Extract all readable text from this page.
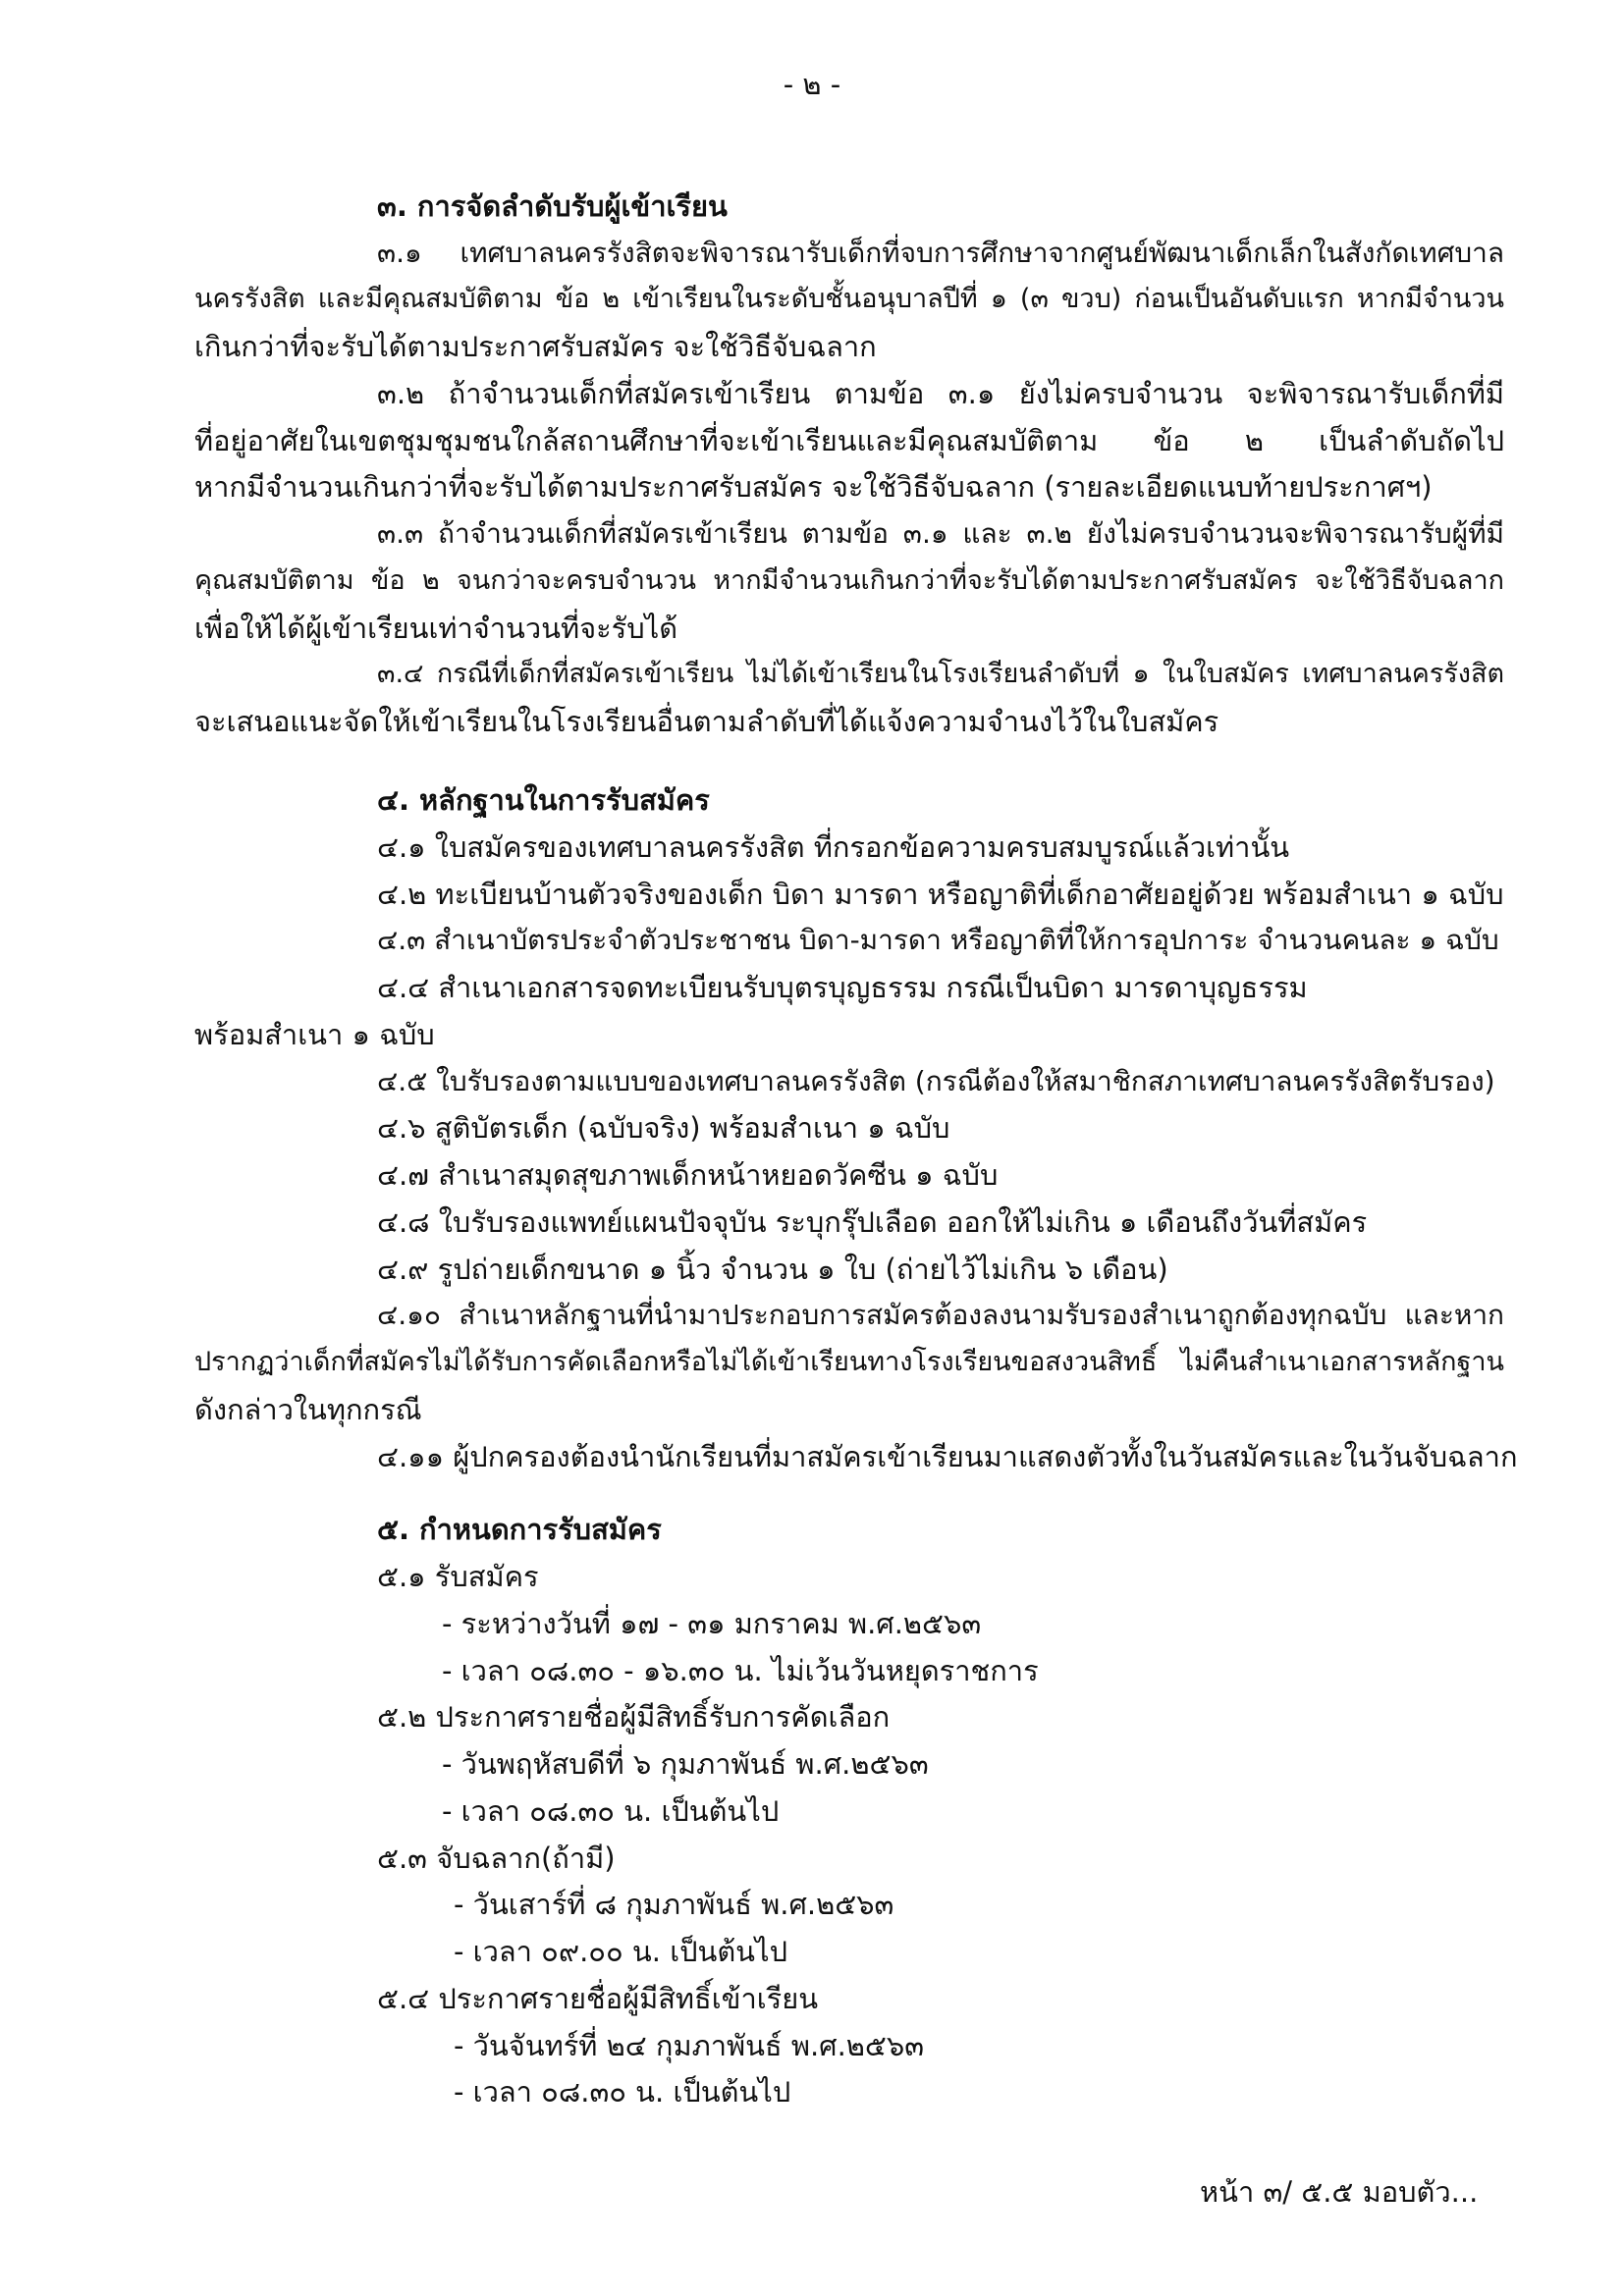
- ๒ -
๓. การจัดลำดับรับผู้เข้าเรียน
๓.๑ เทศบาลนครรังสิตจะพิจารณารับเด็กที่จบการศึกษาจากศูนย์พัฒนาเด็กเล็กในสังกัดเทศบาล
นครรังสิต และมีคุณสมบัติตาม ข้อ ๒ เข้าเรียนในระดับชั้นอนุบาลปีที่ ๑ (๓ ขวบ) ก่อนเป็นอันดับแรก หากมีจำนวน
เกินกว่าที่จะรับได้ตามประกาศรับสมัคร จะใช้วิธีจับฉลาก
๓.๒ ถ้าจำนวนเด็กที่สมัครเข้าเรียน ตามข้อ ๓.๑ ยังไม่ครบจำนวน จะพิจารณารับเด็กที่มี
ที่อยู่อาศัยในเขตชุมชุมชนใกล้สถานศึกษาที่จะเข้าเรียนและมีคุณสมบัติตาม ข้อ ๒ เป็นลำดับถัดไป
หากมีจำนวนเกินกว่าที่จะรับได้ตามประกาศรับสมัคร จะใช้วิธีจับฉลาก (รายละเอียดแนบท้ายประกาศฯ)
๓.๓ ถ้าจำนวนเด็กที่สมัครเข้าเรียน ตามข้อ ๓.๑ และ ๓.๒ ยังไม่ครบจำนวนจะพิจารณารับผู้ที่มี
คุณสมบัติตาม ข้อ ๒ จนกว่าจะครบจำนวน หากมีจำนวนเกินกว่าที่จะรับได้ตามประกาศรับสมัคร จะใช้วิธีจับฉลาก
เพื่อให้ได้ผู้เข้าเรียนเท่าจำนวนที่จะรับได้
๓.๔ กรณีที่เด็กที่สมัครเข้าเรียน ไม่ได้เข้าเรียนในโรงเรียนลำดับที่ ๑ ในใบสมัคร เทศบาลนครรังสิต
จะเสนอแนะจัดให้เข้าเรียนในโรงเรียนอื่นตามลำดับที่ได้แจ้งความจำนงไว้ในใบสมัคร
๔. หลักฐานในการรับสมัคร
๔.๑ ใบสมัครของเทศบาลนครรังสิต ที่กรอกข้อความครบสมบูรณ์แล้วเท่านั้น
๔.๒ ทะเบียนบ้านตัวจริงของเด็ก บิดา มารดา หรือญาติที่เด็กอาศัยอยู่ด้วย พร้อมสำเนา ๑ ฉบับ
๔.๓ สำเนาบัตรประจำตัวประชาชน บิดา-มารดา หรือญาติที่ให้การอุปการะ จำนวนคนละ ๑ ฉบับ
๔.๔ สำเนาเอกสารจดทะเบียนรับบุตรบุญธรรม กรณีเป็นบิดา มารดาบุญธรรม
พร้อมสำเนา ๑ ฉบับ
๔.๕ ใบรับรองตามแบบของเทศบาลนครรังสิต (กรณีต้องให้สมาชิกสภาเทศบาลนครรังสิตรับรอง)
๔.๖ สูติบัตรเด็ก (ฉบับจริง) พร้อมสำเนา ๑ ฉบับ
๔.๗ สำเนาสมุดสุขภาพเด็กหน้าหยอดวัคซีน ๑ ฉบับ
๔.๘ ใบรับรองแพทย์แผนปัจจุบัน ระบุกรุ๊ปเลือด ออกให้ไม่เกิน ๑ เดือนถึงวันที่สมัคร
๔.๙ รูปถ่ายเด็กขนาด ๑ นิ้ว จำนวน ๑ ใบ (ถ่ายไว้ไม่เกิน ๖ เดือน)
๔.๑๐ สำเนาหลักฐานที่นำมาประกอบการสมัครต้องลงนามรับรองสำเนาถูกต้องทุกฉบับ และหาก
ปรากฏว่าเด็กที่สมัครไม่ได้รับการคัดเลือกหรือไม่ได้เข้าเรียนทางโรงเรียนขอสงวนสิทธิ์ ไม่คืนสำเนาเอกสารหลักฐาน
ดังกล่าวในทุกกรณี
๔.๑๑ ผู้ปกครองต้องนำนักเรียนที่มาสมัครเข้าเรียนมาแสดงตัวทั้งในวันสมัครและในวันจับฉลาก
๕. กำหนดการรับสมัคร
๕.๑ รับสมัคร
- ระหว่างวันที่ ๑๗ - ๓๑ มกราคม พ.ศ.๒๕๖๓
- เวลา ๐๘.๓๐ - ๑๖.๓๐ น. ไม่เว้นวันหยุดราชการ
๕.๒ ประกาศรายชื่อผู้มีสิทธิ์รับการคัดเลือก
- วันพฤหัสบดีที่ ๖ กุมภาพันธ์ พ.ศ.๒๕๖๓
- เวลา ๐๘.๓๐ น. เป็นต้นไป
๕.๓ จับฉลาก(ถ้ามี)
- วันเสาร์ที่ ๘ กุมภาพันธ์ พ.ศ.๒๕๖๓
- เวลา ๐๙.๐๐ น. เป็นต้นไป
๕.๔ ประกาศรายชื่อผู้มีสิทธิ์เข้าเรียน
- วันจันทร์ที่ ๒๔ กุมภาพันธ์ พ.ศ.๒๕๖๓
- เวลา ๐๘.๓๐ น. เป็นต้นไป
หน้า ๓/ ๕.๕ มอบตัว...
